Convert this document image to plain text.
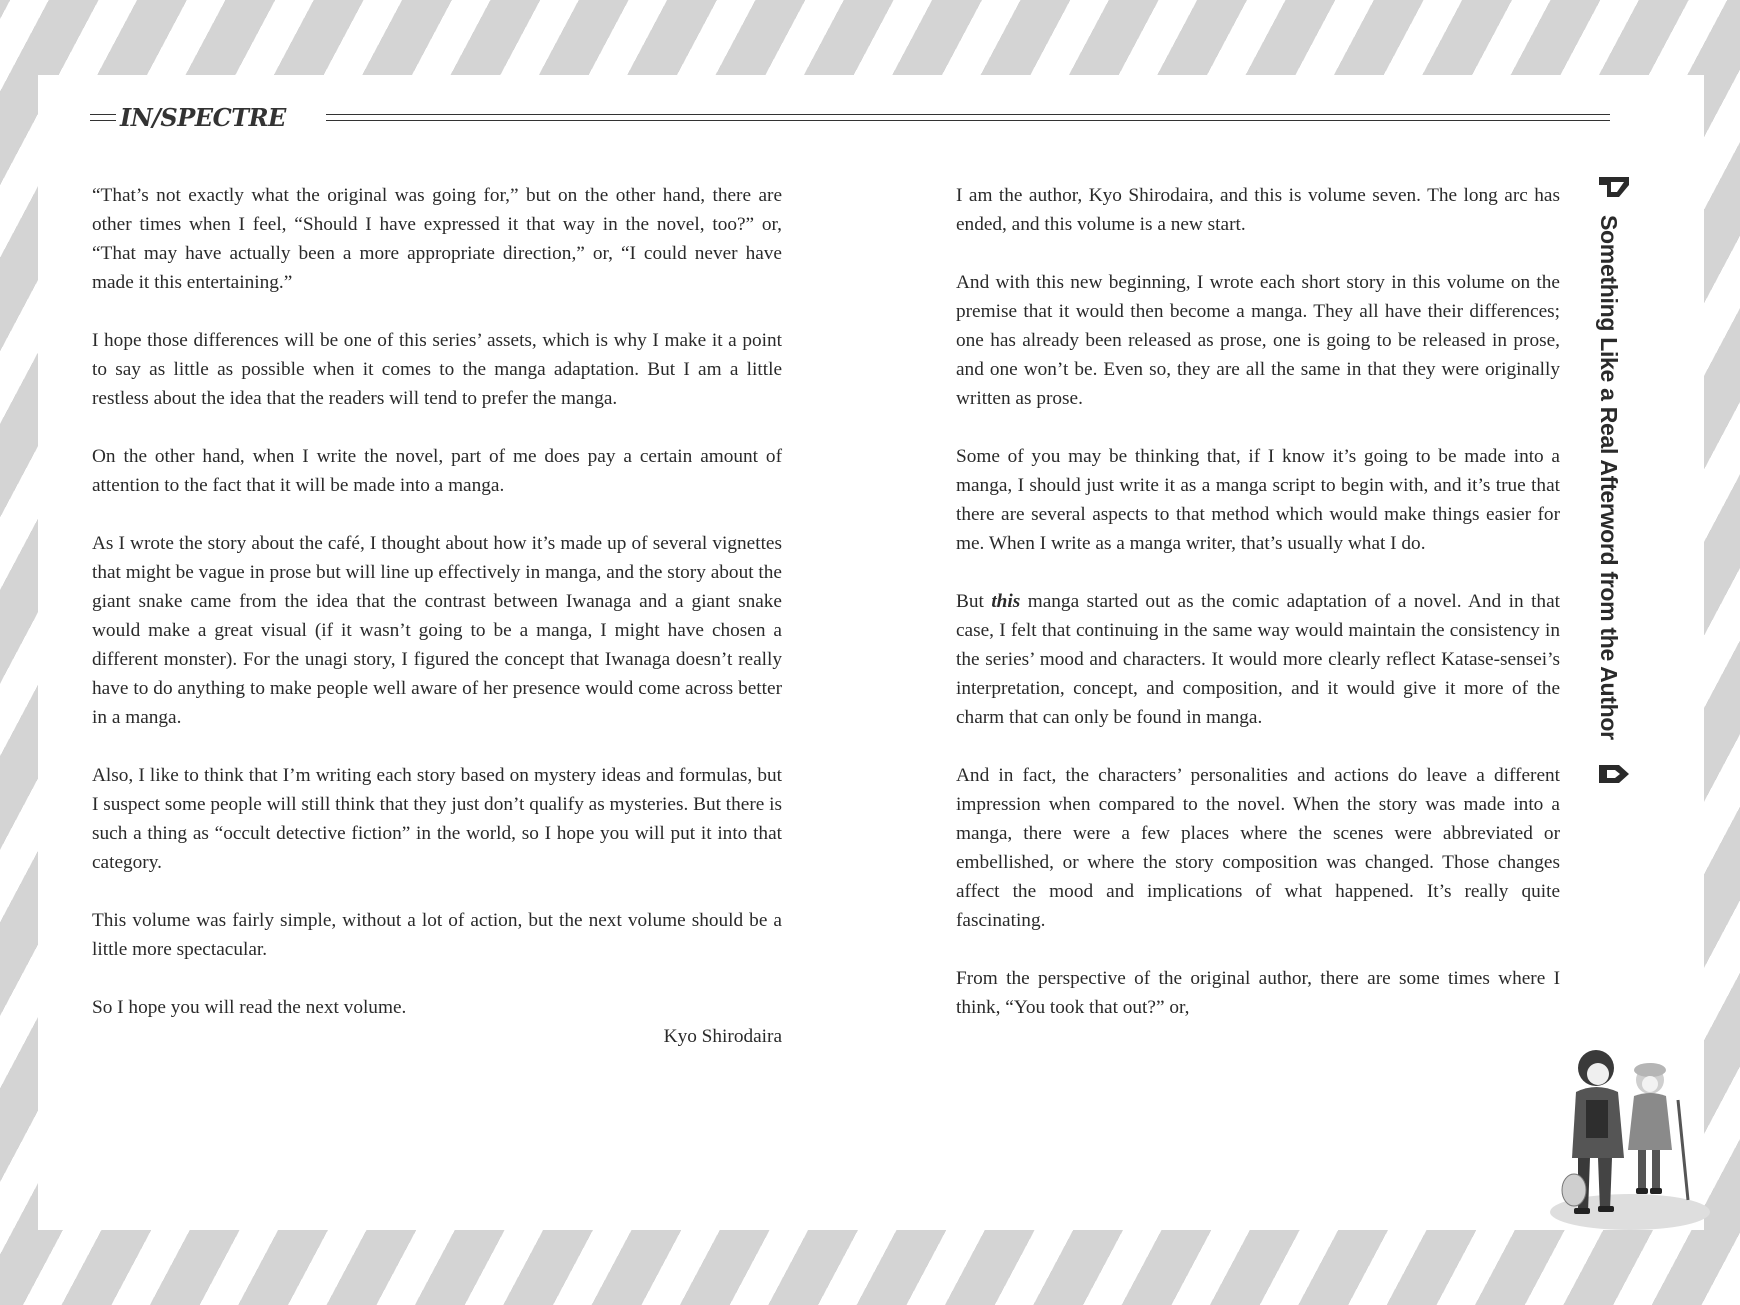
IN/SPECTRE

“That’s not exactly what the original was going for,” but on the other hand, there are other times when I feel, “Should I have expressed it that way in the novel, too?” or, “That may have actually been a more appropriate direction,” or, “I could never have made it this entertaining.”

I hope those differences will be one of this series’ assets, which is why I make it a point to say as little as possible when it comes to the manga adaptation. But I am a little restless about the idea that the readers will tend to prefer the manga.

On the other hand, when I write the novel, part of me does pay a certain amount of attention to the fact that it will be made into a manga.

As I wrote the story about the café, I thought about how it’s made up of several vignettes that might be vague in prose but will line up effectively in manga, and the story about the giant snake came from the idea that the contrast between Iwanaga and a giant snake would make a great visual (if it wasn’t going to be a manga, I might have chosen a different monster). For the unagi story, I figured the concept that Iwanaga doesn’t really have to do anything to make people well aware of her presence would come across better in a manga.

Also, I like to think that I’m writing each story based on mystery ideas and formulas, but I suspect some people will still think that they just don’t qualify as mysteries. But there is such a thing as “occult detective fiction” in the world, so I hope you will put it into that category.

This volume was fairly simple, without a lot of action, but the next volume should be a little more spectacular.

So I hope you will read the next volume.

Kyo Shirodaira

I am the author, Kyo Shirodaira, and this is volume seven. The long arc has ended, and this volume is a new start.

And with this new beginning, I wrote each short story in this volume on the premise that it would then become a manga. They all have their differences; one has already been released as prose, one is going to be released in prose, and one won’t be. Even so, they are all the same in that they were originally written as prose.

Some of you may be thinking that, if I know it’s going to be made into a manga, I should just write it as a manga script to begin with, and it’s true that there are several aspects to that method which would make things easier for me. When I write as a manga writer, that’s usually what I do.

But this manga started out as the comic adaptation of a novel. And in that case, I felt that continuing in the same way would maintain the consistency in the series’ mood and characters. It would more clearly reflect Katase-sensei’s interpretation, concept, and composition, and it would give it more of the charm that can only be found in manga.

And in fact, the characters’ personalities and actions do leave a different impression when compared to the novel. When the story was made into a manga, there were a few places where the scenes were abbreviated or embellished, or where the story composition was changed. Those changes affect the mood and implications of what happened. It’s really quite fascinating.

From the perspective of the original author, there are some times where I think, “You took that out?” or,

Something Like a Real Afterword from the Author
